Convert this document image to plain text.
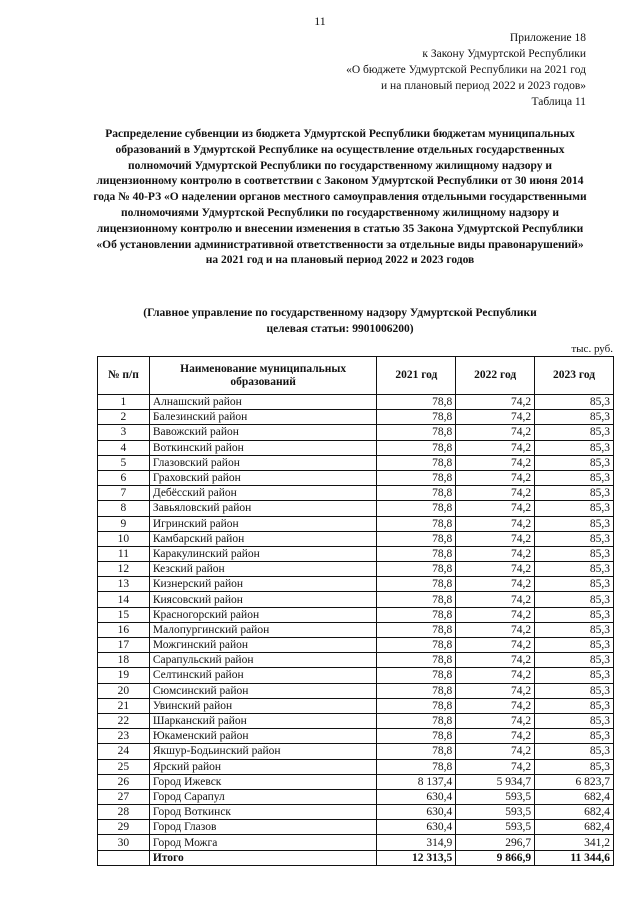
11
Приложение 18
к Закону Удмуртской Республики
«О бюджете Удмуртской Республики на 2021 год
и на плановый период 2022 и 2023 годов»
Таблица 11
Распределение субвенции из бюджета Удмуртской Республики бюджетам муниципальных образований в Удмуртской Республике на осуществление отдельных государственных полномочий Удмуртской Республики по государственному жилищному надзору и лицензионному контролю в соответствии с Законом Удмуртской Республики от 30 июня 2014 года № 40-РЗ «О наделении органов местного самоуправления отдельными государственными полномочиями Удмуртской Республики по государственному жилищному надзору и лицензионному контролю и внесении изменения в статью 35 Закона Удмуртской Республики «Об установлении административной ответственности за отдельные виды правонарушений» на 2021 год и на плановый период 2022 и 2023 годов
(Главное управление по государственному надзору Удмуртской Республики
целевая статьи: 9901006200)
тыс. руб.
№ п/п	Наименование муниципальных образований	2021 год	2022 год	2023 год
1	Алнашский район	78,8	74,2	85,3
2	Балезинский район	78,8	74,2	85,3
3	Вавожский район	78,8	74,2	85,3
4	Воткинский район	78,8	74,2	85,3
5	Глазовский район	78,8	74,2	85,3
6	Граховский район	78,8	74,2	85,3
7	Дебёсский район	78,8	74,2	85,3
8	Завьяловский район	78,8	74,2	85,3
9	Игринский район	78,8	74,2	85,3
10	Камбарский район	78,8	74,2	85,3
11	Каракулинский район	78,8	74,2	85,3
12	Кезский район	78,8	74,2	85,3
13	Кизнерский район	78,8	74,2	85,3
14	Киясовский район	78,8	74,2	85,3
15	Красногорский район	78,8	74,2	85,3
16	Малопургинский район	78,8	74,2	85,3
17	Можгинский район	78,8	74,2	85,3
18	Сарапульский район	78,8	74,2	85,3
19	Селтинский район	78,8	74,2	85,3
20	Сюмсинский район	78,8	74,2	85,3
21	Увинский район	78,8	74,2	85,3
22	Шарканский район	78,8	74,2	85,3
23	Юкаменский район	78,8	74,2	85,3
24	Якшур-Бодьинский район	78,8	74,2	85,3
25	Ярский район	78,8	74,2	85,3
26	Город Ижевск	8 137,4	5 934,7	6 823,7
27	Город Сарапул	630,4	593,5	682,4
28	Город Воткинск	630,4	593,5	682,4
29	Город Глазов	630,4	593,5	682,4
30	Город Можга	314,9	296,7	341,2
	Итого	12 313,5	9 866,9	11 344,6
